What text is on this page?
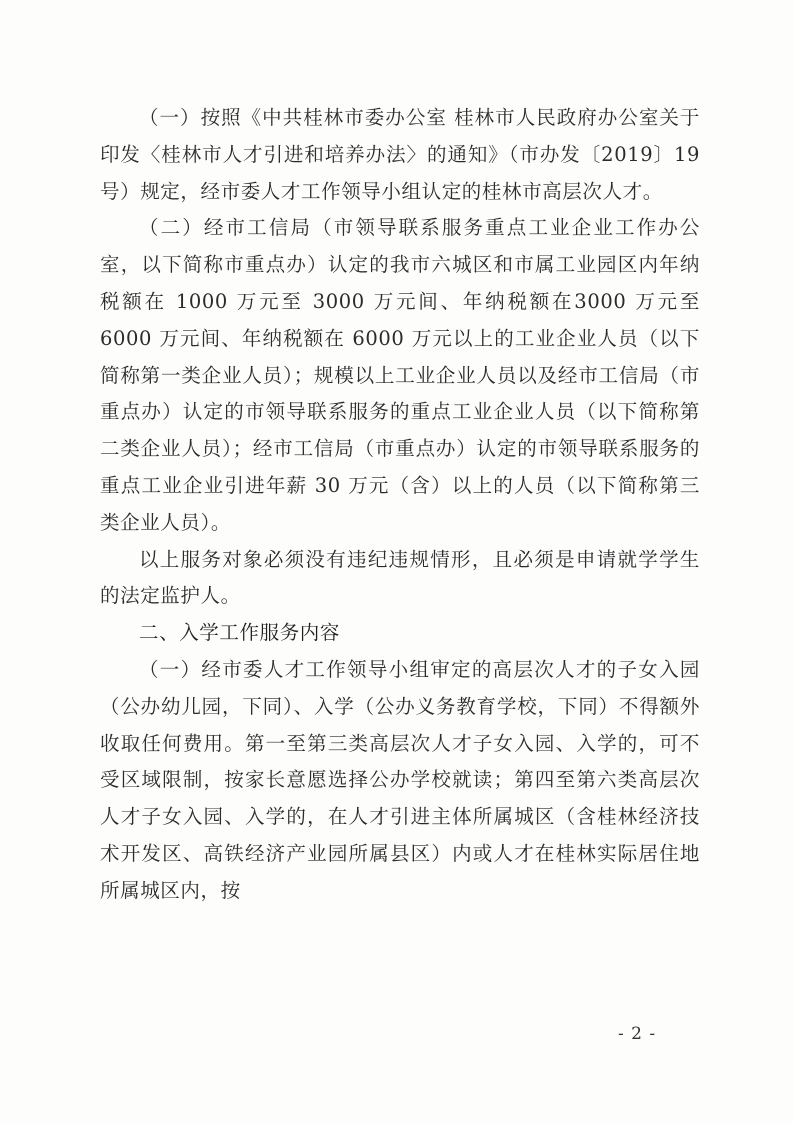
（一）按照《中共桂林市委办公室 桂林市人民政府办公室关于印发〈桂林市人才引进和培养办法〉的通知》（市办发〔2019〕19号）规定，经市委人才工作领导小组认定的桂林市高层次人才。

（二）经市工信局（市领导联系服务重点工业企业工作办公室，以下简称市重点办）认定的我市六城区和市属工业园区内年纳税额在 1000 万元至 3000 万元间、年纳税额在3000 万元至 6000 万元间、年纳税额在 6000 万元以上的工业企业人员（以下简称第一类企业人员）；规模以上工业企业人员以及经市工信局（市重点办）认定的市领导联系服务的重点工业企业人员（以下简称第二类企业人员）；经市工信局（市重点办）认定的市领导联系服务的重点工业企业引进年薪 30 万元（含）以上的人员（以下简称第三类企业人员）。

以上服务对象必须没有违纪违规情形，且必须是申请就学学生的法定监护人。

二、入学工作服务内容

（一）经市委人才工作领导小组审定的高层次人才的子女入园（公办幼儿园，下同）、入学（公办义务教育学校，下同）不得额外收取任何费用。第一至第三类高层次人才子女入园、入学的，可不受区域限制，按家长意愿选择公办学校就读；第四至第六类高层次人才子女入园、入学的，在人才引进主体所属城区（含桂林经济技术开发区、高铁经济产业园所属县区）内或人才在桂林实际居住地所属城区内，按

- 2 -
